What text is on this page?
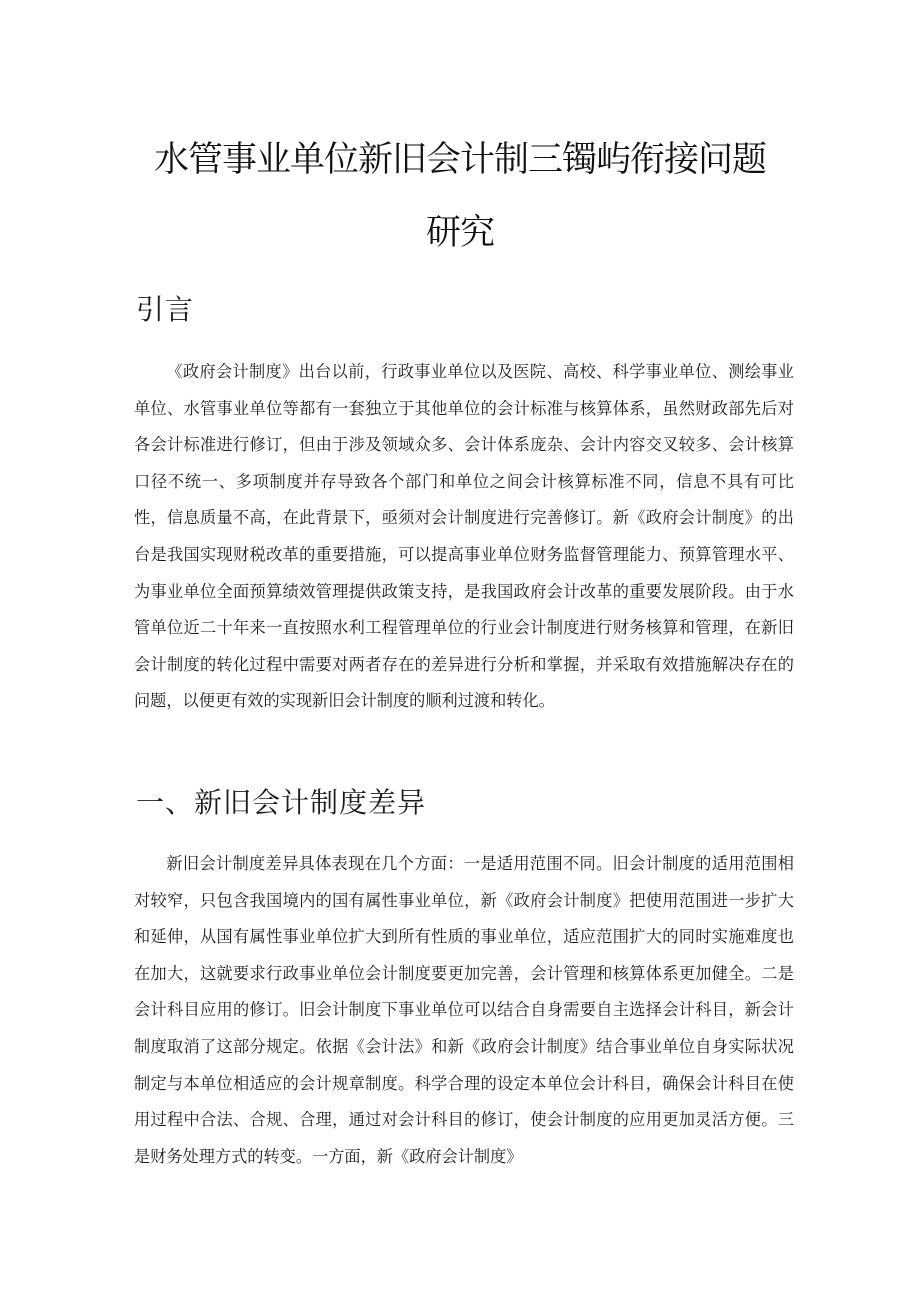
水管事业单位新旧会计制三镯屿衔接问题
研究
引言

《政府会计制度》出台以前，行政事业单位以及医院、高校、科学事业单位、测绘事业单位、水管事业单位等都有一套独立于其他单位的会计标准与核算体系，虽然财政部先后对各会计标准进行修订，但由于涉及领域众多、会计体系庞杂、会计内容交叉较多、会计核算口径不统一、多项制度并存导致各个部门和单位之间会计核算标准不同，信息不具有可比性，信息质量不高，在此背景下，亟须对会计制度进行完善修订。新《政府会计制度》的出台是我国实现财税改革的重要措施，可以提高事业单位财务监督管理能力、预算管理水平、为事业单位全面预算绩效管理提供政策支持，是我国政府会计改革的重要发展阶段。由于水管单位近二十年来一直按照水利工程管理单位的行业会计制度进行财务核算和管理，在新旧会计制度的转化过程中需要对两者存在的差异进行分析和掌握，并采取有效措施解决存在的问题，以便更有效的实现新旧会计制度的顺利过渡和转化。

一、新旧会计制度差异

新旧会计制度差异具体表现在几个方面：一是适用范围不同。旧会计制度的适用范围相对较窄，只包含我国境内的国有属性事业单位，新《政府会计制度》把使用范围进一步扩大和延伸，从国有属性事业单位扩大到所有性质的事业单位，适应范围扩大的同时实施难度也在加大，这就要求行政事业单位会计制度要更加完善，会计管理和核算体系更加健全。二是会计科目应用的修订。旧会计制度下事业单位可以结合自身需要自主选择会计科目，新会计制度取消了这部分规定。依据《会计法》和新《政府会计制度》结合事业单位自身实际状况制定与本单位相适应的会计规章制度。科学合理的设定本单位会计科目，确保会计科目在使用过程中合法、合规、合理，通过对会计科目的修订，使会计制度的应用更加灵活方便。三是财务处理方式的转变。一方面，新《政府会计制度》
